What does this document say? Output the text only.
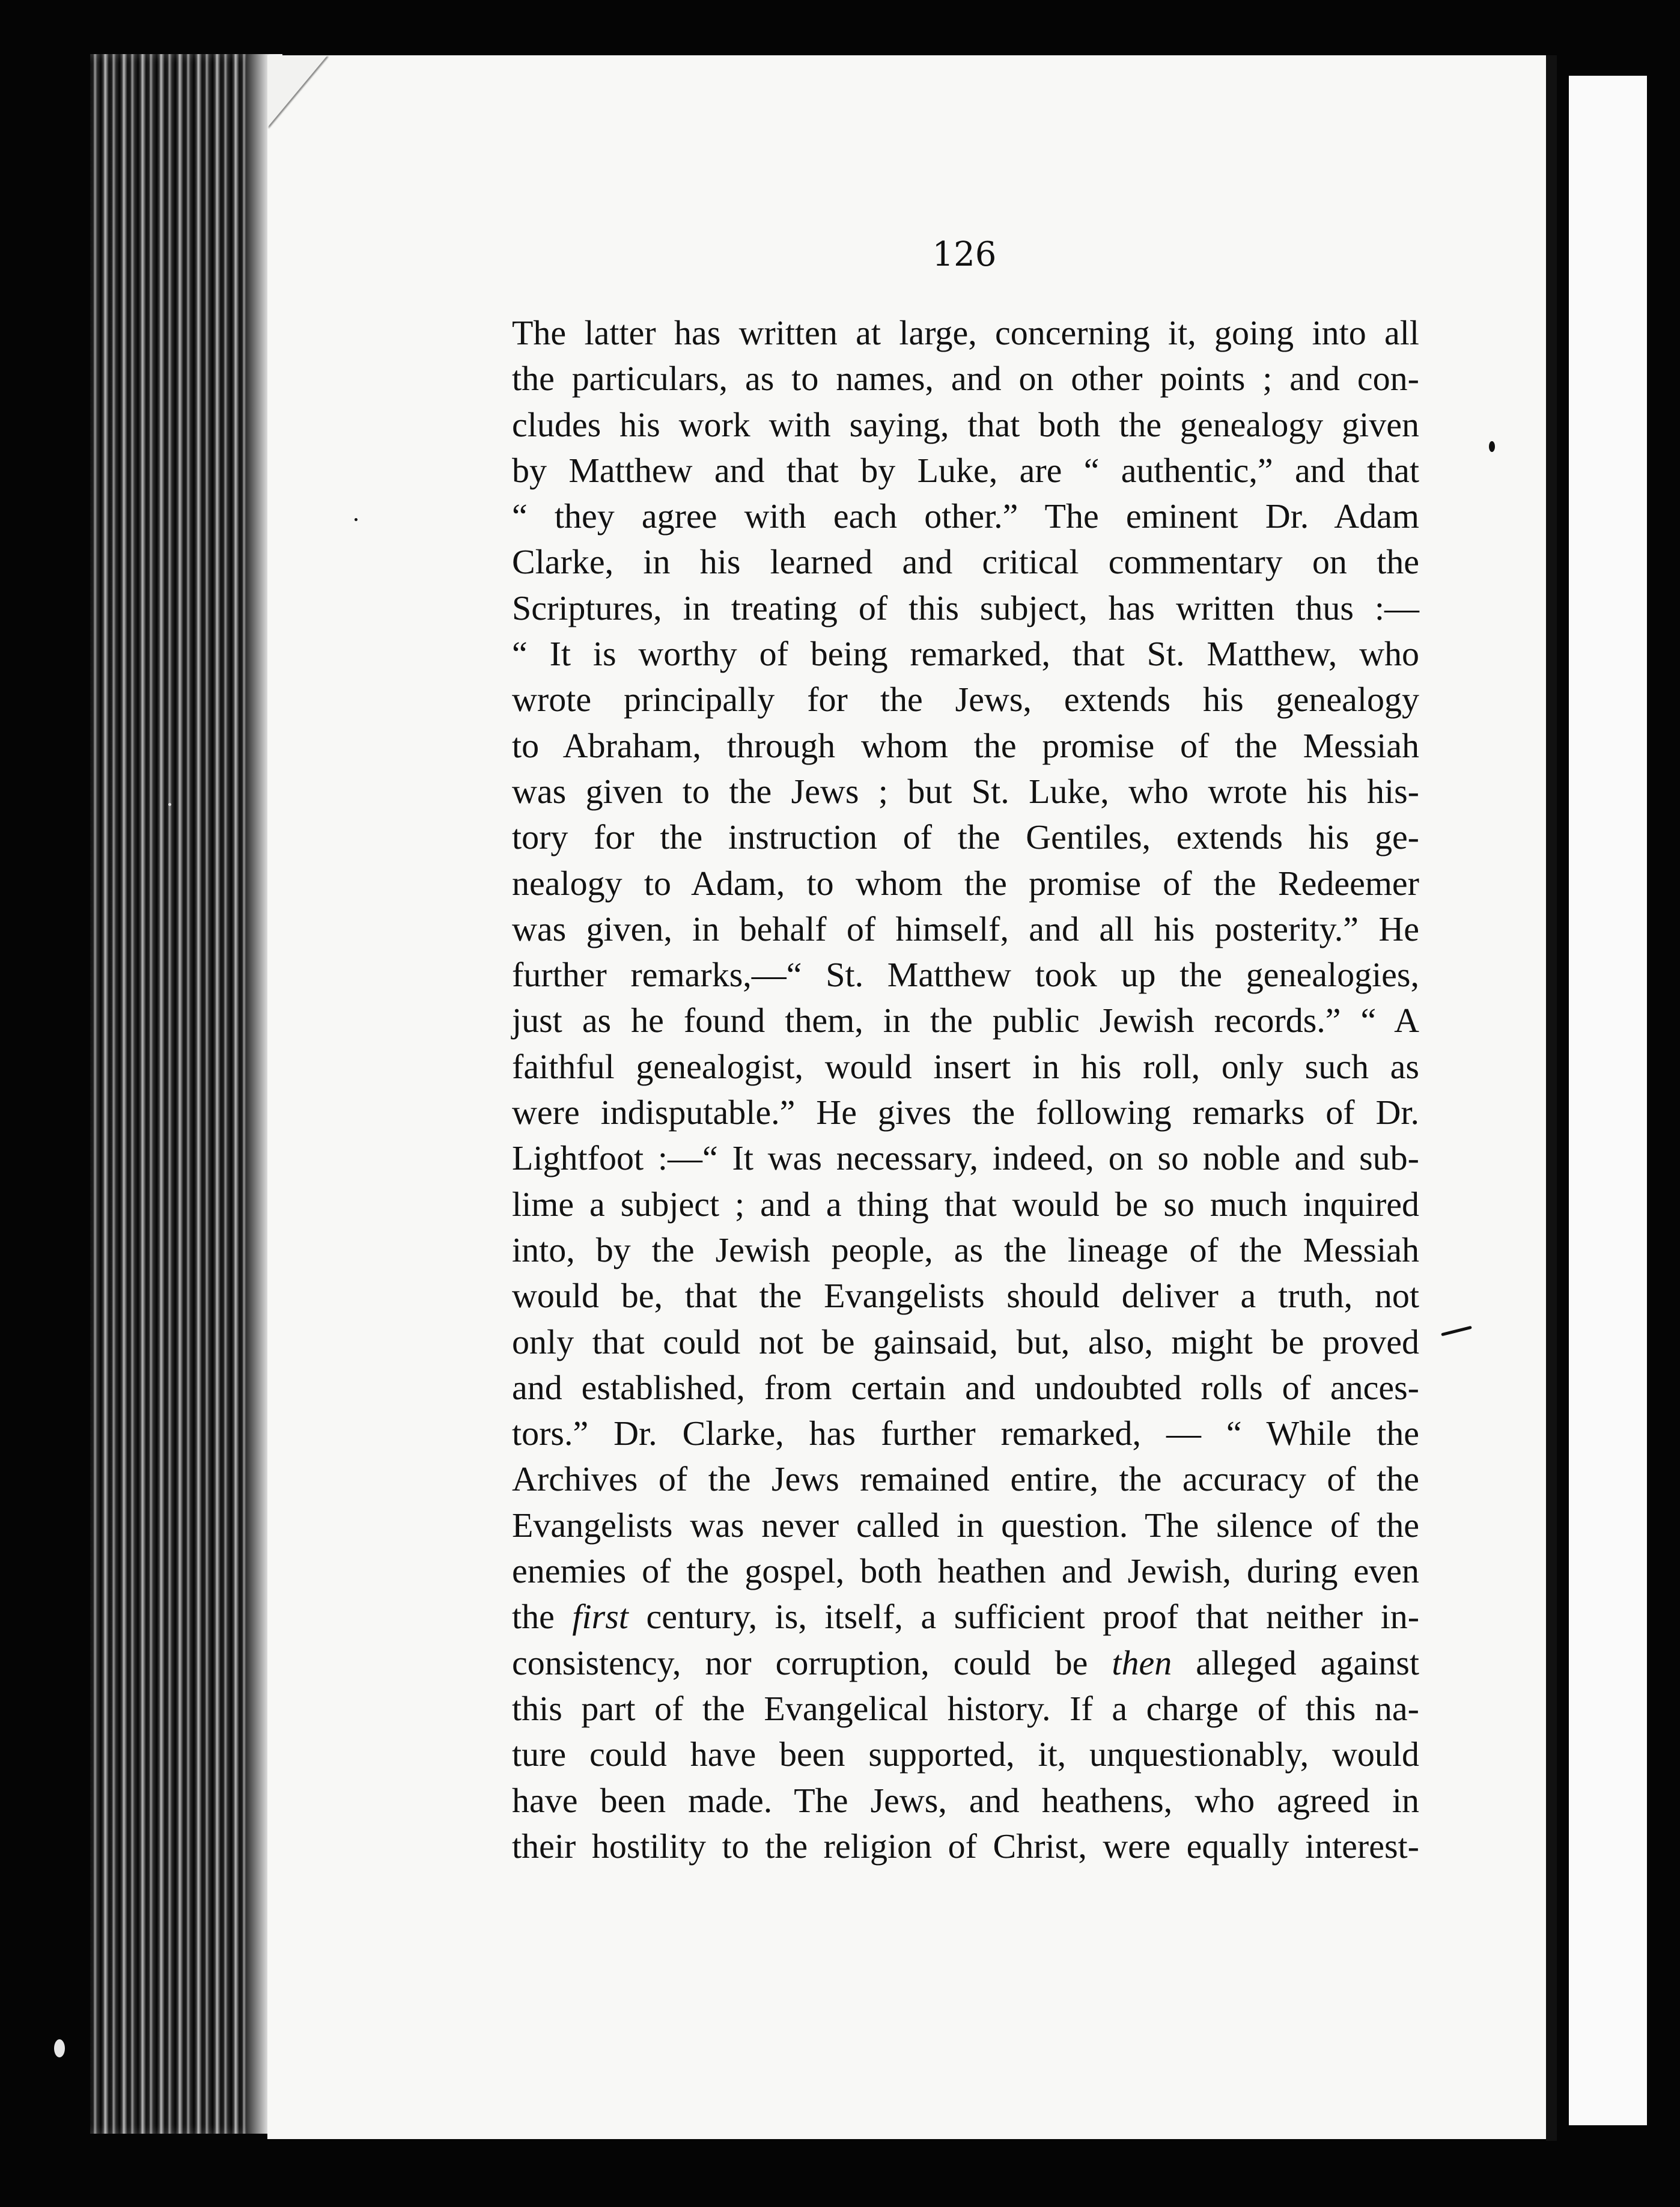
126
The latter has written at large, concerning it, going into all
the particulars, as to names, and on other points ; and con-
cludes his work with saying, that both the genealogy given
by Matthew and that by Luke, are “ authentic,” and that
“ they agree with each other.” The eminent Dr. Adam
Clarke, in his learned and critical commentary on the
Scriptures, in treating of this subject, has written thus :—
“ It is worthy of being remarked, that St. Matthew, who
wrote principally for the Jews, extends his genealogy
to Abraham, through whom the promise of the Messiah
was given to the Jews ; but St. Luke, who wrote his his-
tory for the instruction of the Gentiles, extends his ge-
nealogy to Adam, to whom the promise of the Redeemer
was given, in behalf of himself, and all his posterity.” He
further remarks,—“ St. Matthew took up the genealogies,
just as he found them, in the public Jewish records.” “ A
faithful genealogist, would insert in his roll, only such as
were indisputable.” He gives the following remarks of Dr.
Lightfoot :—“ It was necessary, indeed, on so noble and sub-
lime a subject ; and a thing that would be so much inquired
into, by the Jewish people, as the lineage of the Messiah
would be, that the Evangelists should deliver a truth, not
only that could not be gainsaid, but, also, might be proved
and established, from certain and undoubted rolls of ances-
tors.” Dr. Clarke, has further remarked, — “ While the
Archives of the Jews remained entire, the accuracy of the
Evangelists was never called in question. The silence of the
enemies of the gospel, both heathen and Jewish, during even
the first century, is, itself, a sufficient proof that neither in-
consistency, nor corruption, could be then alleged against
this part of the Evangelical history. If a charge of this na-
ture could have been supported, it, unquestionably, would
have been made. The Jews, and heathens, who agreed in
their hostility to the religion of Christ, were equally interest-
